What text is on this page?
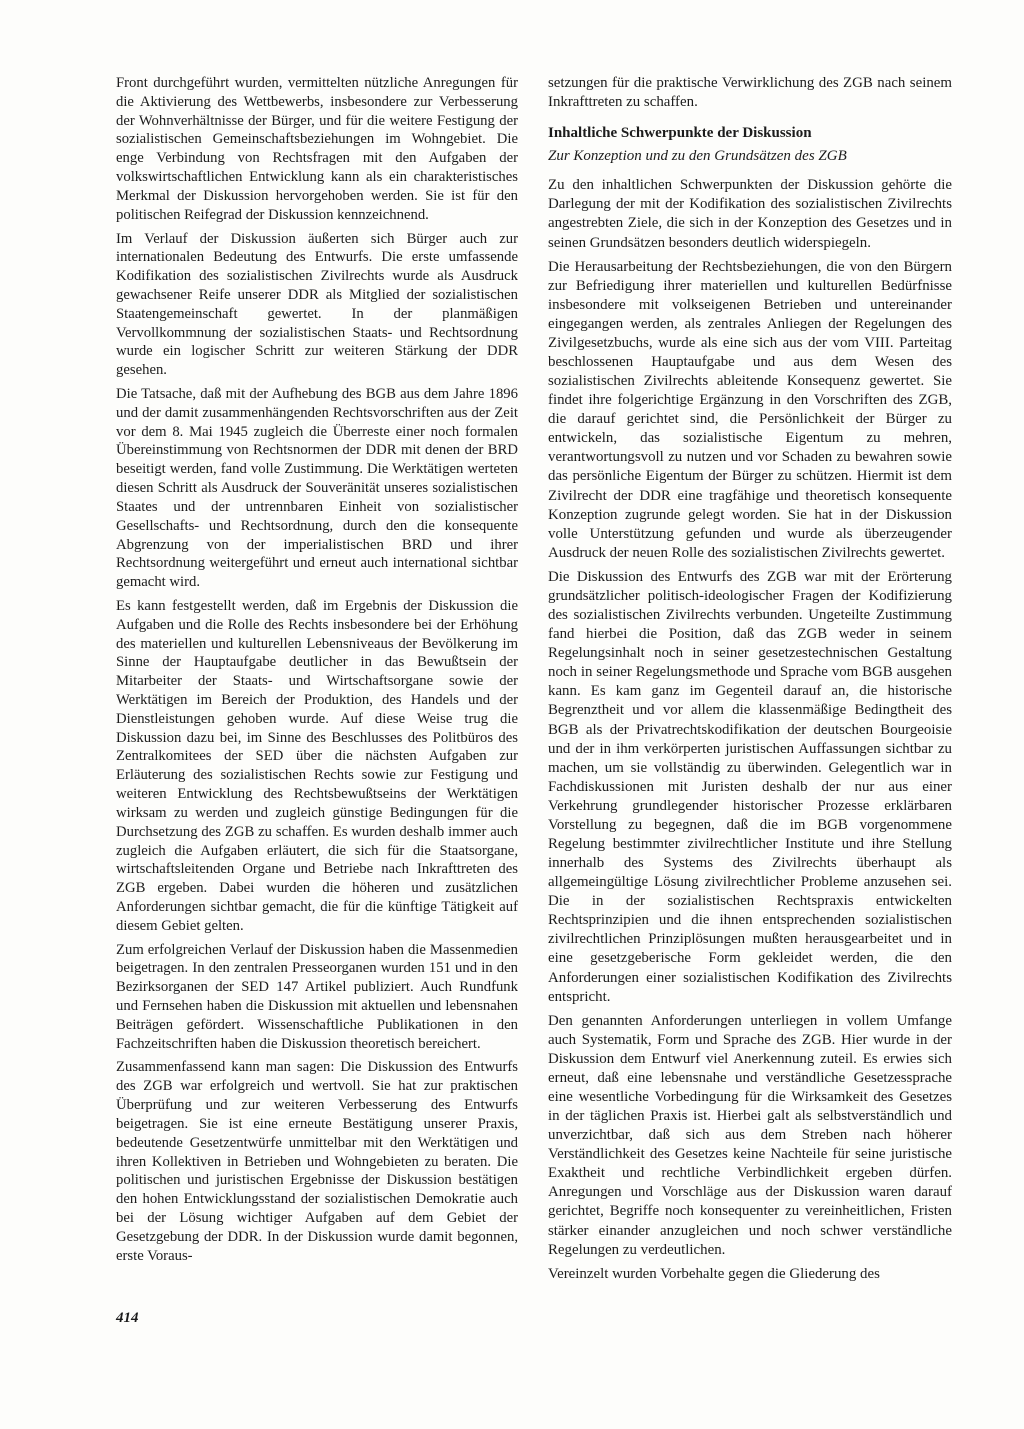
Front durchgeführt wurden, vermittelten nützliche Anregungen für die Aktivierung des Wettbewerbs, insbesondere zur Verbesserung der Wohnverhältnisse der Bürger, und für die weitere Festigung der sozialistischen Gemeinschaftsbeziehungen im Wohngebiet. Die enge Verbindung von Rechtsfragen mit den Aufgaben der volkswirtschaftlichen Entwicklung kann als ein charakteristisches Merkmal der Diskussion hervorgehoben werden. Sie ist für den politischen Reifegrad der Diskussion kennzeichnend.

Im Verlauf der Diskussion äußerten sich Bürger auch zur internationalen Bedeutung des Entwurfs. Die erste umfassende Kodifikation des sozialistischen Zivilrechts wurde als Ausdruck gewachsener Reife unserer DDR als Mitglied der sozialistischen Staatengemeinschaft gewertet. In der planmäßigen Vervollkommnung der sozialistischen Staats- und Rechtsordnung wurde ein logischer Schritt zur weiteren Stärkung der DDR gesehen.

Die Tatsache, daß mit der Aufhebung des BGB aus dem Jahre 1896 und der damit zusammenhängenden Rechtsvorschriften aus der Zeit vor dem 8. Mai 1945 zugleich die Überreste einer noch formalen Übereinstimmung von Rechtsnormen der DDR mit denen der BRD beseitigt werden, fand volle Zustimmung. Die Werktätigen werteten diesen Schritt als Ausdruck der Souveränität unseres sozialistischen Staates und der untrennbaren Einheit von sozialistischer Gesellschafts- und Rechtsordnung, durch den die konsequente Abgrenzung von der imperialistischen BRD und ihrer Rechtsordnung weitergeführt und erneut auch international sichtbar gemacht wird.

Es kann festgestellt werden, daß im Ergebnis der Diskussion die Aufgaben und die Rolle des Rechts insbesondere bei der Erhöhung des materiellen und kulturellen Lebensniveaus der Bevölkerung im Sinne der Hauptaufgabe deutlicher in das Bewußtsein der Mitarbeiter der Staats- und Wirtschaftsorgane sowie der Werktätigen im Bereich der Produktion, des Handels und der Dienstleistungen gehoben wurde. Auf diese Weise trug die Diskussion dazu bei, im Sinne des Beschlusses des Politbüros des Zentralkomitees der SED über die nächsten Aufgaben zur Erläuterung des sozialistischen Rechts sowie zur Festigung und weiteren Entwicklung des Rechtsbewußtseins der Werktätigen wirksam zu werden und zugleich günstige Bedingungen für die Durchsetzung des ZGB zu schaffen. Es wurden deshalb immer auch zugleich die Aufgaben erläutert, die sich für die Staatsorgane, wirtschaftsleitenden Organe und Betriebe nach Inkrafttreten des ZGB ergeben. Dabei wurden die höheren und zusätzlichen Anforderungen sichtbar gemacht, die für die künftige Tätigkeit auf diesem Gebiet gelten.

Zum erfolgreichen Verlauf der Diskussion haben die Massenmedien beigetragen. In den zentralen Presseorganen wurden 151 und in den Bezirksorganen der SED 147 Artikel publiziert. Auch Rundfunk und Fernsehen haben die Diskussion mit aktuellen und lebensnahen Beiträgen gefördert. Wissenschaftliche Publikationen in den Fachzeitschriften haben die Diskussion theoretisch bereichert.

Zusammenfassend kann man sagen: Die Diskussion des Entwurfs des ZGB war erfolgreich und wertvoll. Sie hat zur praktischen Überprüfung und zur weiteren Verbesserung des Entwurfs beigetragen. Sie ist eine erneute Bestätigung unserer Praxis, bedeutende Gesetzentwürfe unmittelbar mit den Werktätigen und ihren Kollektiven in Betrieben und Wohngebieten zu beraten. Die politischen und juristischen Ergebnisse der Diskussion bestätigen den hohen Entwicklungsstand der sozialistischen Demokratie auch bei der Lösung wichtiger Aufgaben auf dem Gebiet der Gesetzgebung der DDR. In der Diskussion wurde damit begonnen, erste Voraus-

setzungen für die praktische Verwirklichung des ZGB nach seinem Inkrafttreten zu schaffen.

Inhaltliche Schwerpunkte der Diskussion
Zur Konzeption und zu den Grundsätzen des ZGB

Zu den inhaltlichen Schwerpunkten der Diskussion gehörte die Darlegung der mit der Kodifikation des sozialistischen Zivilrechts angestrebten Ziele, die sich in der Konzeption des Gesetzes und in seinen Grundsätzen besonders deutlich widerspiegeln.

Die Herausarbeitung der Rechtsbeziehungen, die von den Bürgern zur Befriedigung ihrer materiellen und kulturellen Bedürfnisse insbesondere mit volkseigenen Betrieben und untereinander eingegangen werden, als zentrales Anliegen der Regelungen des Zivilgesetzbuchs, wurde als eine sich aus der vom VIII. Parteitag beschlossenen Hauptaufgabe und aus dem Wesen des sozialistischen Zivilrechts ableitende Konsequenz gewertet. Sie findet ihre folgerichtige Ergänzung in den Vorschriften des ZGB, die darauf gerichtet sind, die Persönlichkeit der Bürger zu entwickeln, das sozialistische Eigentum zu mehren, verantwortungsvoll zu nutzen und vor Schaden zu bewahren sowie das persönliche Eigentum der Bürger zu schützen. Hiermit ist dem Zivilrecht der DDR eine tragfähige und theoretisch konsequente Konzeption zugrunde gelegt worden. Sie hat in der Diskussion volle Unterstützung gefunden und wurde als überzeugender Ausdruck der neuen Rolle des sozialistischen Zivilrechts gewertet.

Die Diskussion des Entwurfs des ZGB war mit der Erörterung grundsätzlicher politisch-ideologischer Fragen der Kodifizierung des sozialistischen Zivilrechts verbunden. Ungeteilte Zustimmung fand hierbei die Position, daß das ZGB weder in seinem Regelungsinhalt noch in seiner gesetzestechnischen Gestaltung noch in seiner Regelungsmethode und Sprache vom BGB ausgehen kann. Es kam ganz im Gegenteil darauf an, die historische Begrenztheit und vor allem die klassenmäßige Bedingtheit des BGB als der Privatrechtskodifikation der deutschen Bourgeoisie und der in ihm verkörperten juristischen Auffassungen sichtbar zu machen, um sie vollständig zu überwinden. Gelegentlich war in Fachdiskussionen mit Juristen deshalb der nur aus einer Verkehrung grundlegender historischer Prozesse erklärbaren Vorstellung zu begegnen, daß die im BGB vorgenommene Regelung bestimmter zivilrechtlicher Institute und ihre Stellung innerhalb des Systems des Zivilrechts überhaupt als allgemeingültige Lösung zivilrechtlicher Probleme anzusehen sei. Die in der sozialistischen Rechtspraxis entwickelten Rechtsprinzipien und die ihnen entsprechenden sozialistischen zivilrechtlichen Prinziplösungen mußten herausgearbeitet und in eine gesetzgeberische Form gekleidet werden, die den Anforderungen einer sozialistischen Kodifikation des Zivilrechts entspricht.

Den genannten Anforderungen unterliegen in vollem Umfange auch Systematik, Form und Sprache des ZGB. Hier wurde in der Diskussion dem Entwurf viel Anerkennung zuteil. Es erwies sich erneut, daß eine lebensnahe und verständliche Gesetzessprache eine wesentliche Vorbedingung für die Wirksamkeit des Gesetzes in der täglichen Praxis ist. Hierbei galt als selbstverständlich und unverzichtbar, daß sich aus dem Streben nach höherer Verständlichkeit des Gesetzes keine Nachteile für seine juristische Exaktheit und rechtliche Verbindlichkeit ergeben dürfen. Anregungen und Vorschläge aus der Diskussion waren darauf gerichtet, Begriffe noch konsequenter zu vereinheitlichen, Fristen stärker einander anzugleichen und noch schwer verständliche Regelungen zu verdeutlichen.

Vereinzelt wurden Vorbehalte gegen die Gliederung des

414
